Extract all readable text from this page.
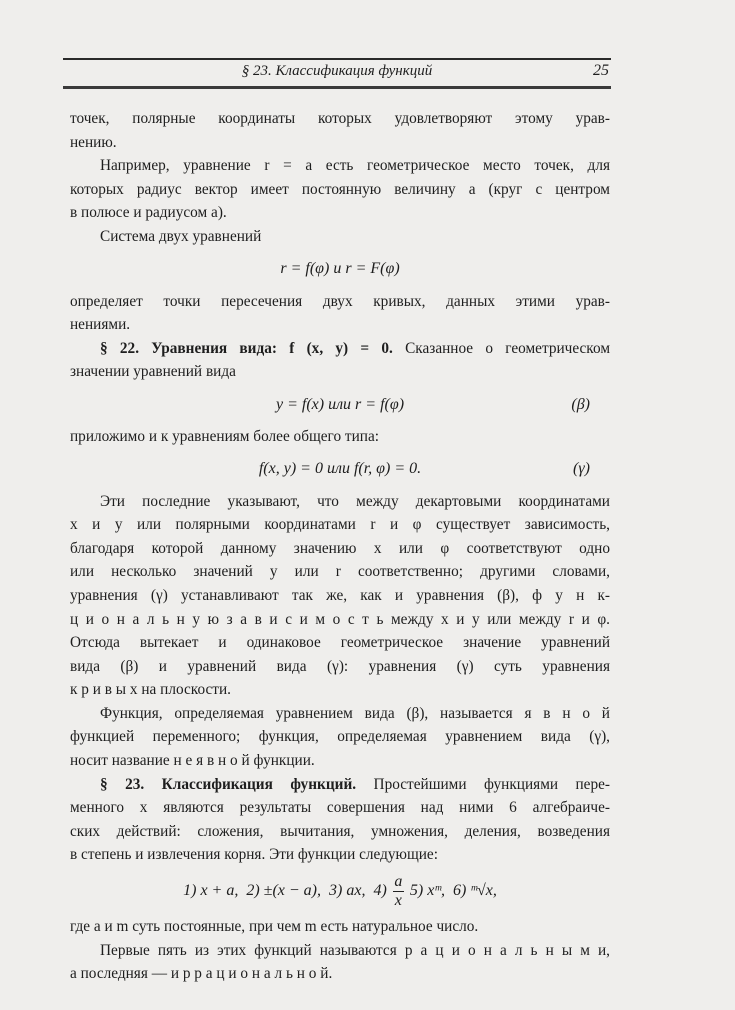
§ 23. Классификация функций	25
точек, полярные координаты которых удовлетворяют этому урав-
нению.
Например, уравнение r = a есть геометрическое место точек, для
которых радиус вектор имеет постоянную величину a (круг с центром
в полюсе и радиусом a).
Система двух уравнений
r = f(φ) и r = F(φ)
определяет точки пересечения двух кривых, данных этими урав-
нениями.
§ 22. Уравнения вида: f (x, y) = 0. Сказанное о геометрическом
значении уравнений вида
y = f(x) или r = f(φ)	(β)
приложимо и к уравнениям более общего типа:
f(x, y) = 0 или f(r, φ) = 0.	(γ)
Эти последние указывают, что между декартовыми координатами
x и y или полярными координатами r и φ существует зависимость,
благодаря которой данному значению x или φ соответствуют одно
или несколько значений y или r соответственно; другими словами,
уравнения (γ) устанавливают так же, как и уравнения (β), ф у н к-
ц и о н а л ь н у ю з а в и с и м о с т ь между x и y или между r и φ.
Отсюда вытекает и одинаковое геометрическое значение уравнений
вида (β) и уравнений вида (γ): уравнения (γ) суть уравнения
к р и в ы х на плоскости.
Функция, определяемая уравнением вида (β), называется я в н о й
функцией переменного; функция, определяемая уравнением вида (γ),
носит название н е я в н о й функции.
§ 23. Классификация функций. Простейшими функциями пере-
менного x являются результаты совершения над ними 6 алгебраиче-
ских действий: сложения, вычитания, умножения, деления, возведения
в степень и извлечения корня. Эти функции следующие:
1) x + a, 2) ±(x − a), 3) ax, $4) \frac{a}{x} 5$) xᵐ, 6) ᵐ√x,
где a и m суть постоянные, при чем m есть натуральное число.
Первые пять из этих функций называются р а ц и о н а л ь н ы м и,
а последняя — и р р а ц и о н а л ь н о й.
